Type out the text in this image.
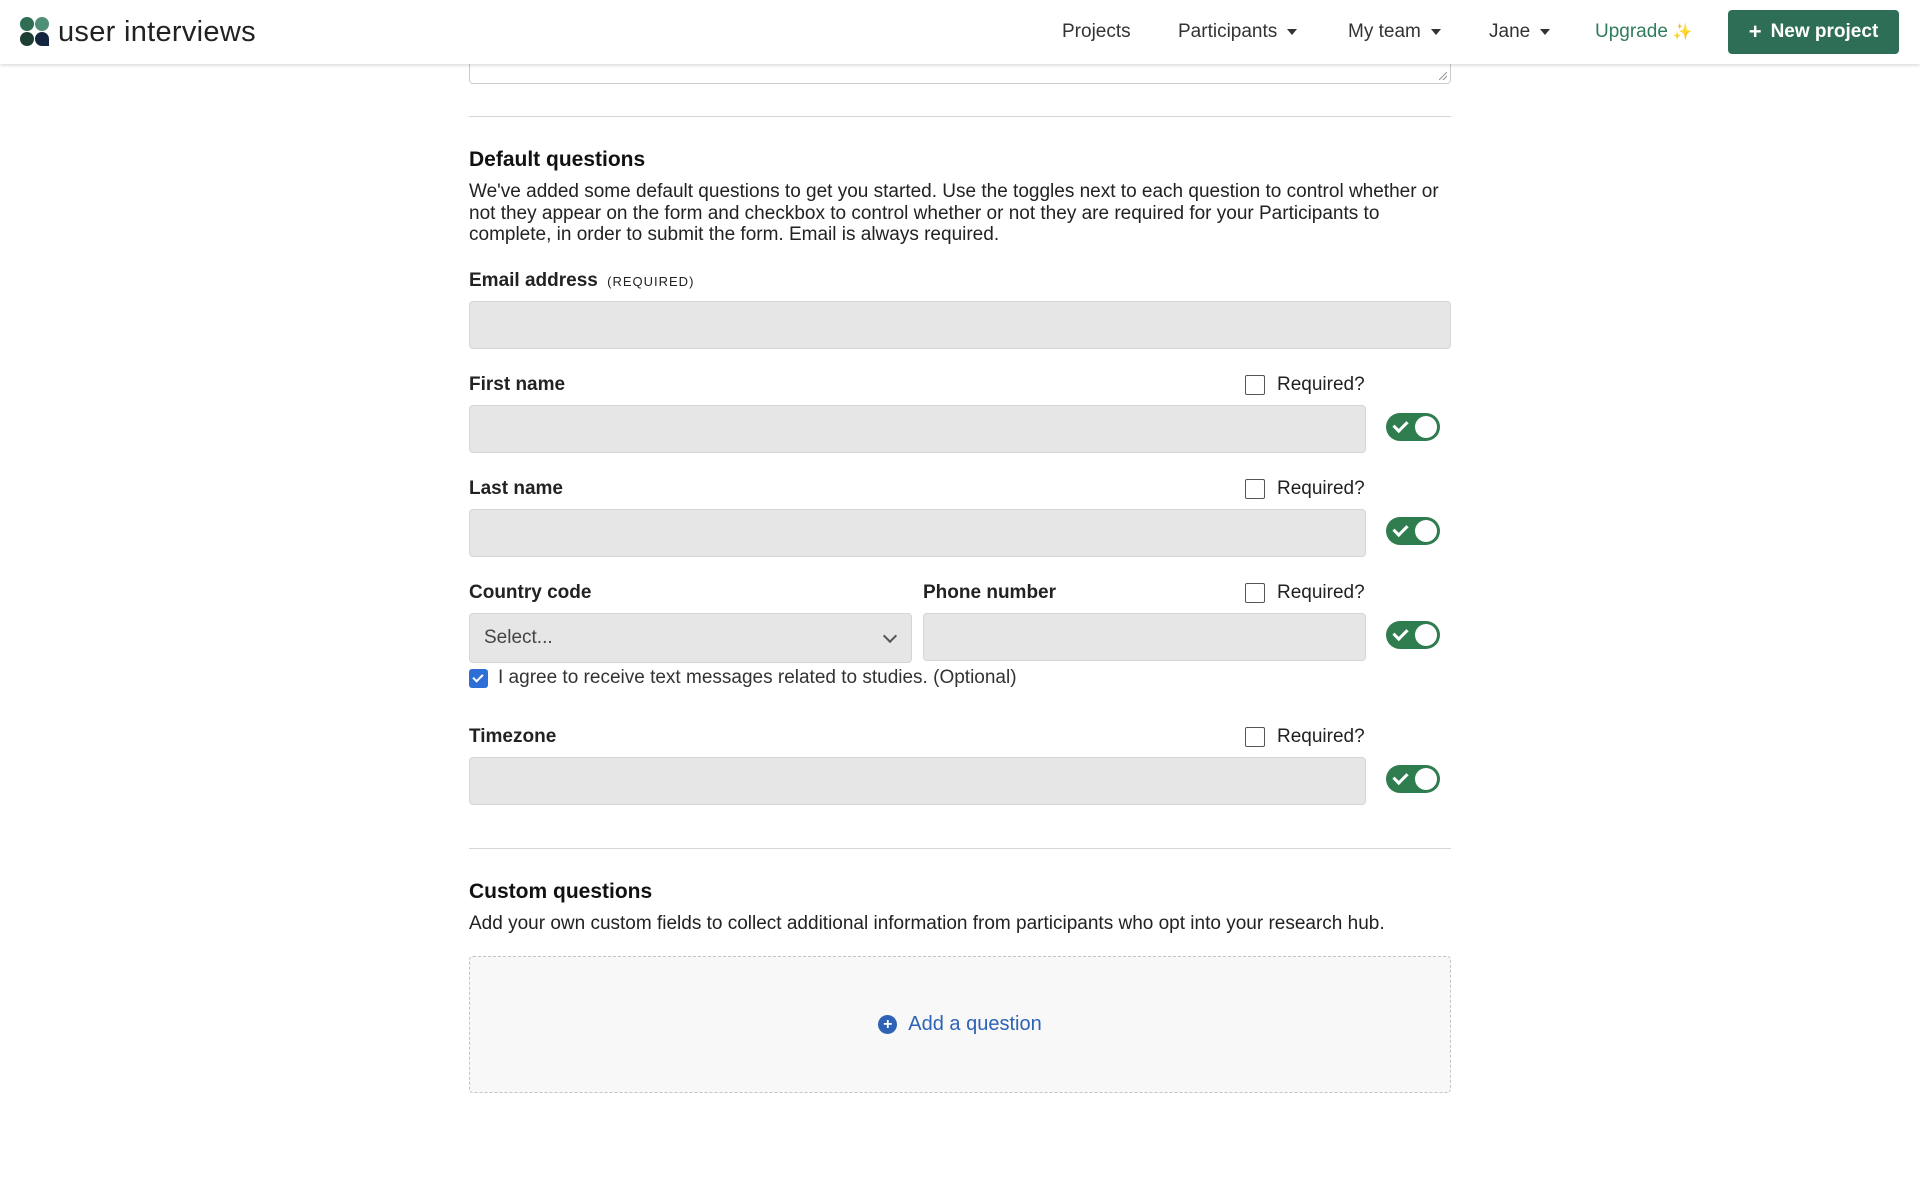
user interviews	Projects Participants	My team	Jane	Upgrade ✨	+ New project
Default questions
We've added some default questions to get you started. Use the toggles next to each question to control whether or not they appear on the form and checkbox to control whether or not they are required for your Participants to complete, in order to submit the form. Email is always required.
Email address (REQUIRED)
First name	Required?
Last name	Required?
Country code	Phone number	Required?
Select...
I agree to receive text messages related to studies. (Optional)
Timezone	Required?
Custom questions
Add your own custom fields to collect additional information from participants who opt into your research hub.
+ Add a question
